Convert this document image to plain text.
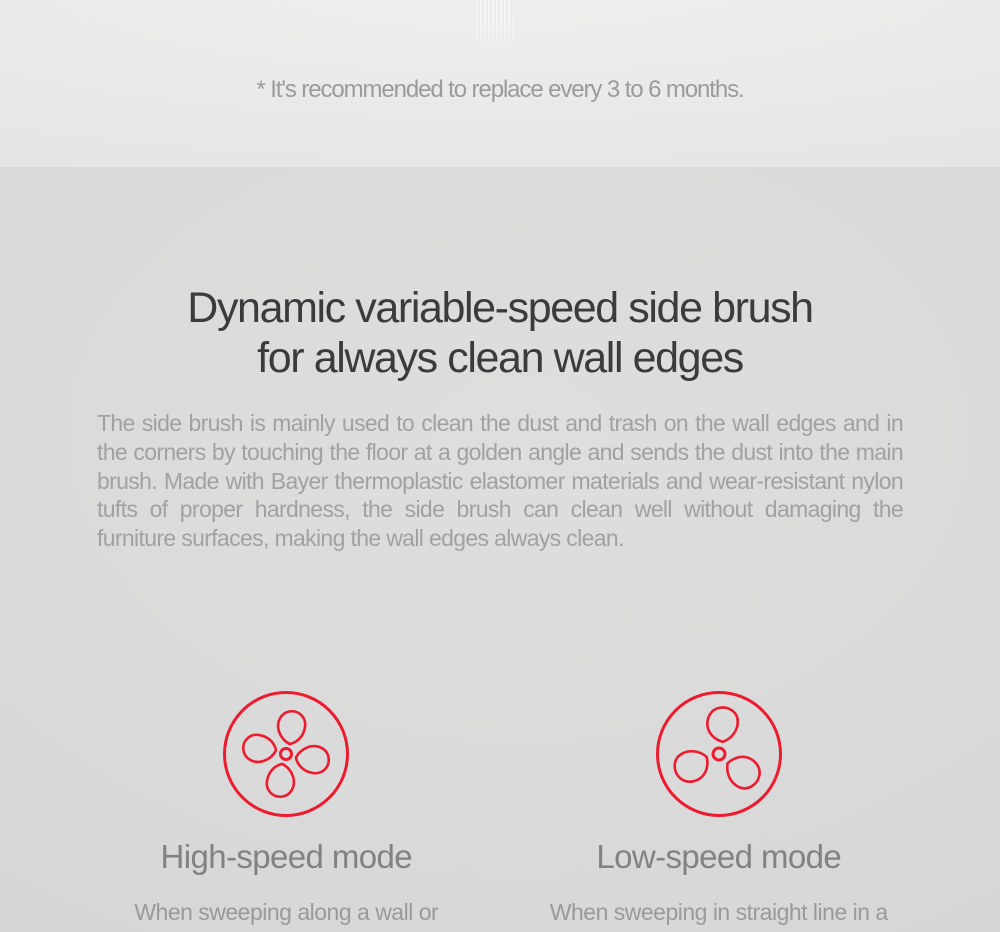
* It's recommended to replace every 3 to 6 months.

Dynamic variable-speed side brush
for always clean wall edges

The side brush is mainly used to clean the dust and trash on the wall edges and in the corners by touching the floor at a golden angle and sends the dust into the main brush. Made with Bayer thermoplastic elastomer materials and wear-resistant nylon tufts of proper hardness, the side brush can clean well without damaging the furniture surfaces, making the wall edges always clean.

High-speed mode
When sweeping along a wall or
Low-speed mode
When sweeping in straight line in a
